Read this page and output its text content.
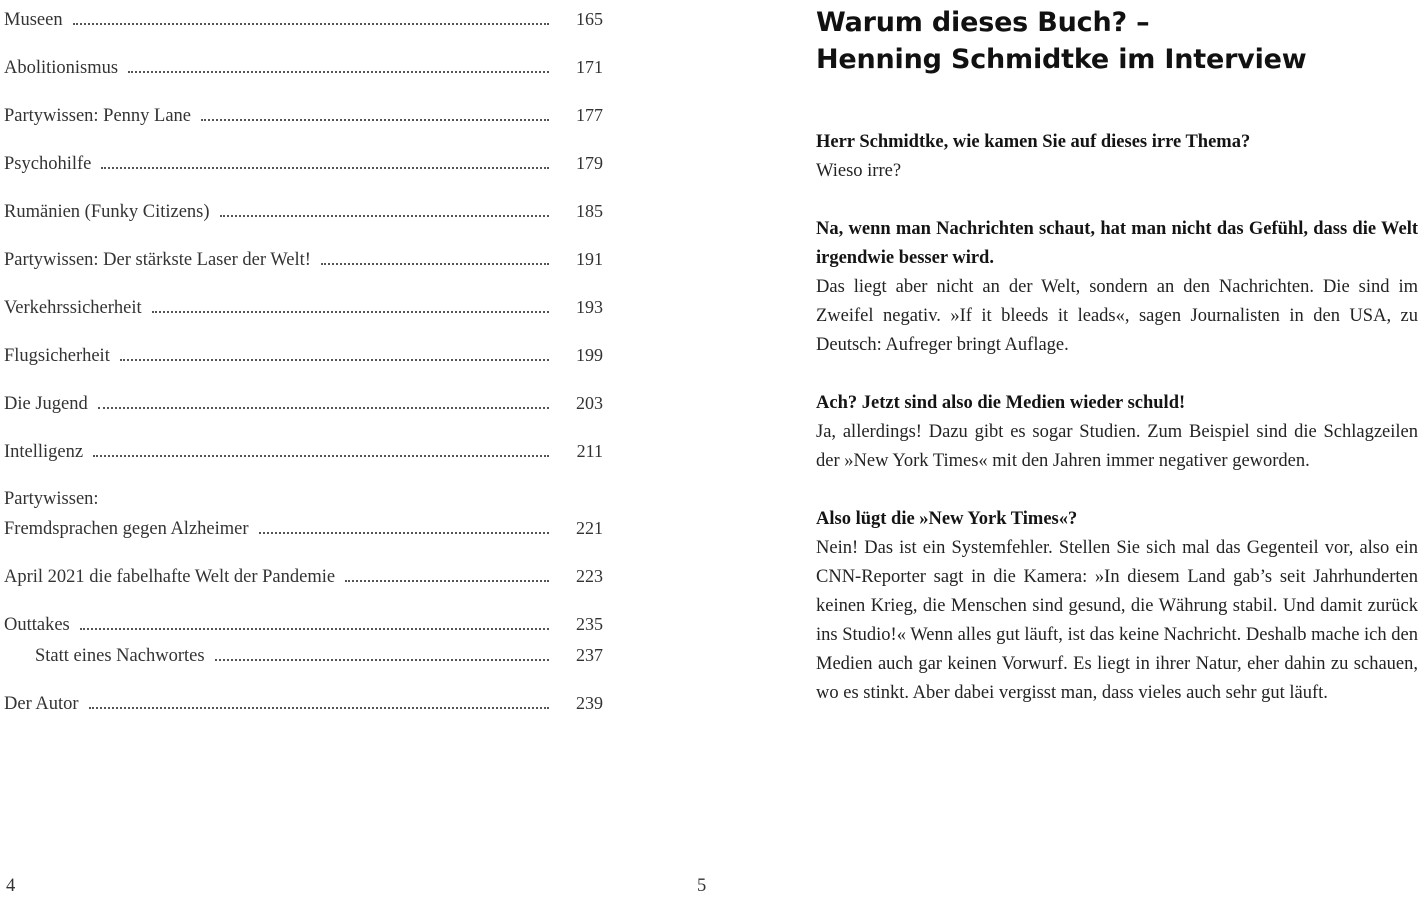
Museen	165
Abolitionismus	171
Partywissen: Penny Lane	177
Psychohilfe	179
Rumänien (Funky Citizens)	185
Partywissen: Der stärkste Laser der Welt!	191
Verkehrssicherheit	193
Flugsicherheit	199
Die Jugend	203
Intelligenz	211
Partywissen:
Fremdsprachen gegen Alzheimer	221
April 2021 die fabelhafte Welt der Pandemie	223
Outtakes	235
Statt eines Nachwortes	237
Der Autor	239
Warum dieses Buch? –
Henning Schmidtke im Interview

Herr Schmidtke, wie kamen Sie auf dieses irre Thema?

Wieso irre?

Na, wenn man Nachrichten schaut, hat man nicht das Gefühl, dass die Welt irgendwie besser wird.

Das liegt aber nicht an der Welt, sondern an den Nachrichten. Die sind im Zweifel negativ. »If it bleeds it leads«, sagen Journalisten in den USA, zu Deutsch: Aufreger bringt Auflage.

Ach? Jetzt sind also die Medien wieder schuld!

Ja, allerdings! Dazu gibt es sogar Studien. Zum Beispiel sind die Schlagzeilen der »New York Times« mit den Jahren immer negativer geworden.

Also lügt die »New York Times«?

Nein! Das ist ein Systemfehler. Stellen Sie sich mal das Gegenteil vor, also ein CNN-Reporter sagt in die Kamera: »In diesem Land gab’s seit Jahrhunderten keinen Krieg, die Menschen sind gesund, die Währung stabil. Und damit zurück ins Studio!« Wenn alles gut läuft, ist das keine Nachricht. Deshalb mache ich den Medien auch gar keinen Vorwurf. Es liegt in ihrer Natur, eher dahin zu schauen, wo es stinkt. Aber dabei vergisst man, dass vieles auch sehr gut läuft.

4	5
